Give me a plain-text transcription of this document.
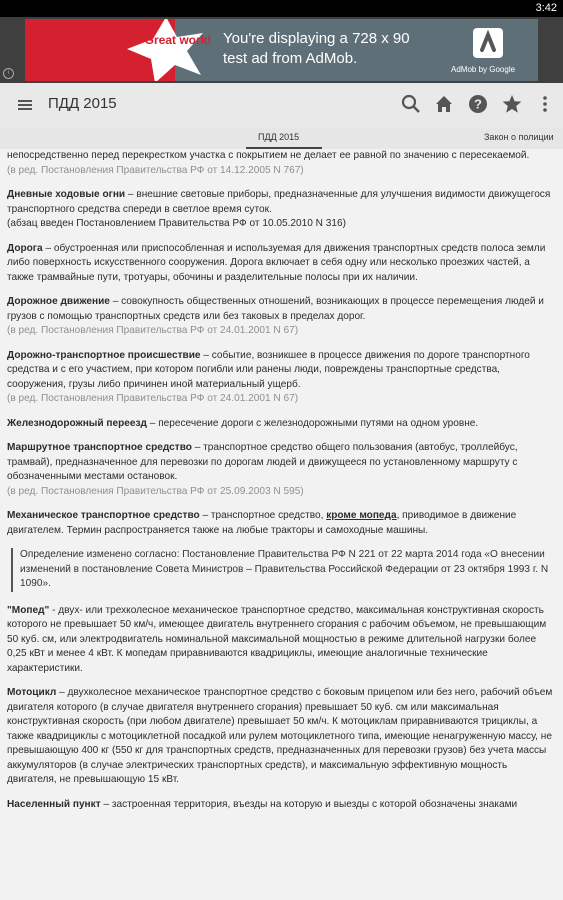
3:42
i
Great work! You're displaying a 728 x 90
test ad from AdMob.
AdMob by Google
ПДД 2015	?
ПДД 2015	Закон о полиции

непосредственно перед перекрестком участка с покрытием не делает ее равной по значению с пересекаемой.
(в ред. Постановления Правительства РФ от 14.12.2005 N 767)

Дневные ходовые огни – внешние световые приборы, предназначенные для улучшения видимости движущегося транспортного средства спереди в светлое время суток.
(абзац введен Постановлением Правительства РФ от 10.05.2010 N 316)

Дорога – обустроенная или приспособленная и используемая для движения транспортных средств полоса земли либо поверхность искусственного сооружения. Дорога включает в себя одну или несколько проезжих частей, а также трамвайные пути, тротуары, обочины и разделительные полосы при их наличии.

Дорожное движение – совокупность общественных отношений, возникающих в процессе перемещения людей и грузов с помощью транспортных средств или без таковых в пределах дорог.
(в ред. Постановления Правительства РФ от 24.01.2001 N 67)

Дорожно-транспортное происшествие – событие, возникшее в процессе движения по дороге транспортного средства и с его участием, при котором погибли или ранены люди, повреждены транспортные средства, сооружения, грузы либо причинен иной материальный ущерб.
(в ред. Постановления Правительства РФ от 24.01.2001 N 67)

Железнодорожный переезд – пересечение дороги с железнодорожными путями на одном уровне.

Маршрутное транспортное средство – транспортное средство общего пользования (автобус, троллейбус, трамвай), предназначенное для перевозки по дорогам людей и движущееся по установленному маршруту с обозначенными местами остановок.
(в ред. Постановления Правительства РФ от 25.09.2003 N 595)

Механическое транспортное средство – транспортное средство, кроме мопеда, приводимое в движение двигателем. Термин распространяется также на любые тракторы и самоходные машины.

Определение изменено согласно: Постановление Правительства РФ N 221 от 22 марта 2014 года «О внесении изменений в постановление Совета Министров – Правительства Российской Федерации от 23 октября 1993 г. N 1090».

"Мопед" - двух- или трехколесное механическое транспортное средство, максимальная конструктивная скорость которого не превышает 50 км/ч, имеющее двигатель внутреннего сгорания с рабочим объемом, не превышающим 50 куб. см, или электродвигатель номинальной максимальной мощностью в режиме длительной нагрузки более 0,25 кВт и менее 4 кВт. К мопедам приравниваются квадрициклы, имеющие аналогичные технические характеристики.

Мотоцикл – двухколесное механическое транспортное средство с боковым прицепом или без него, рабочий объем двигателя которого (в случае двигателя внутреннего сгорания) превышает 50 куб. см или максимальная конструктивная скорость (при любом двигателе) превышает 50 км/ч. К мотоциклам приравниваются трициклы, а также квадрициклы с мотоциклетной посадкой или рулем мотоциклетного типа, имеющие ненагруженную массу, не превышающую 400 кг (550 кг для транспортных средств, предназначенных для перевозки грузов) без учета массы аккумуляторов (в случае электрических транспортных средств), и максимальную эффективную мощность двигателя, не превышающую 15 кВт.

Населенный пункт – застроенная территория, въезды на которую и выезды с которой обозначены знаками
